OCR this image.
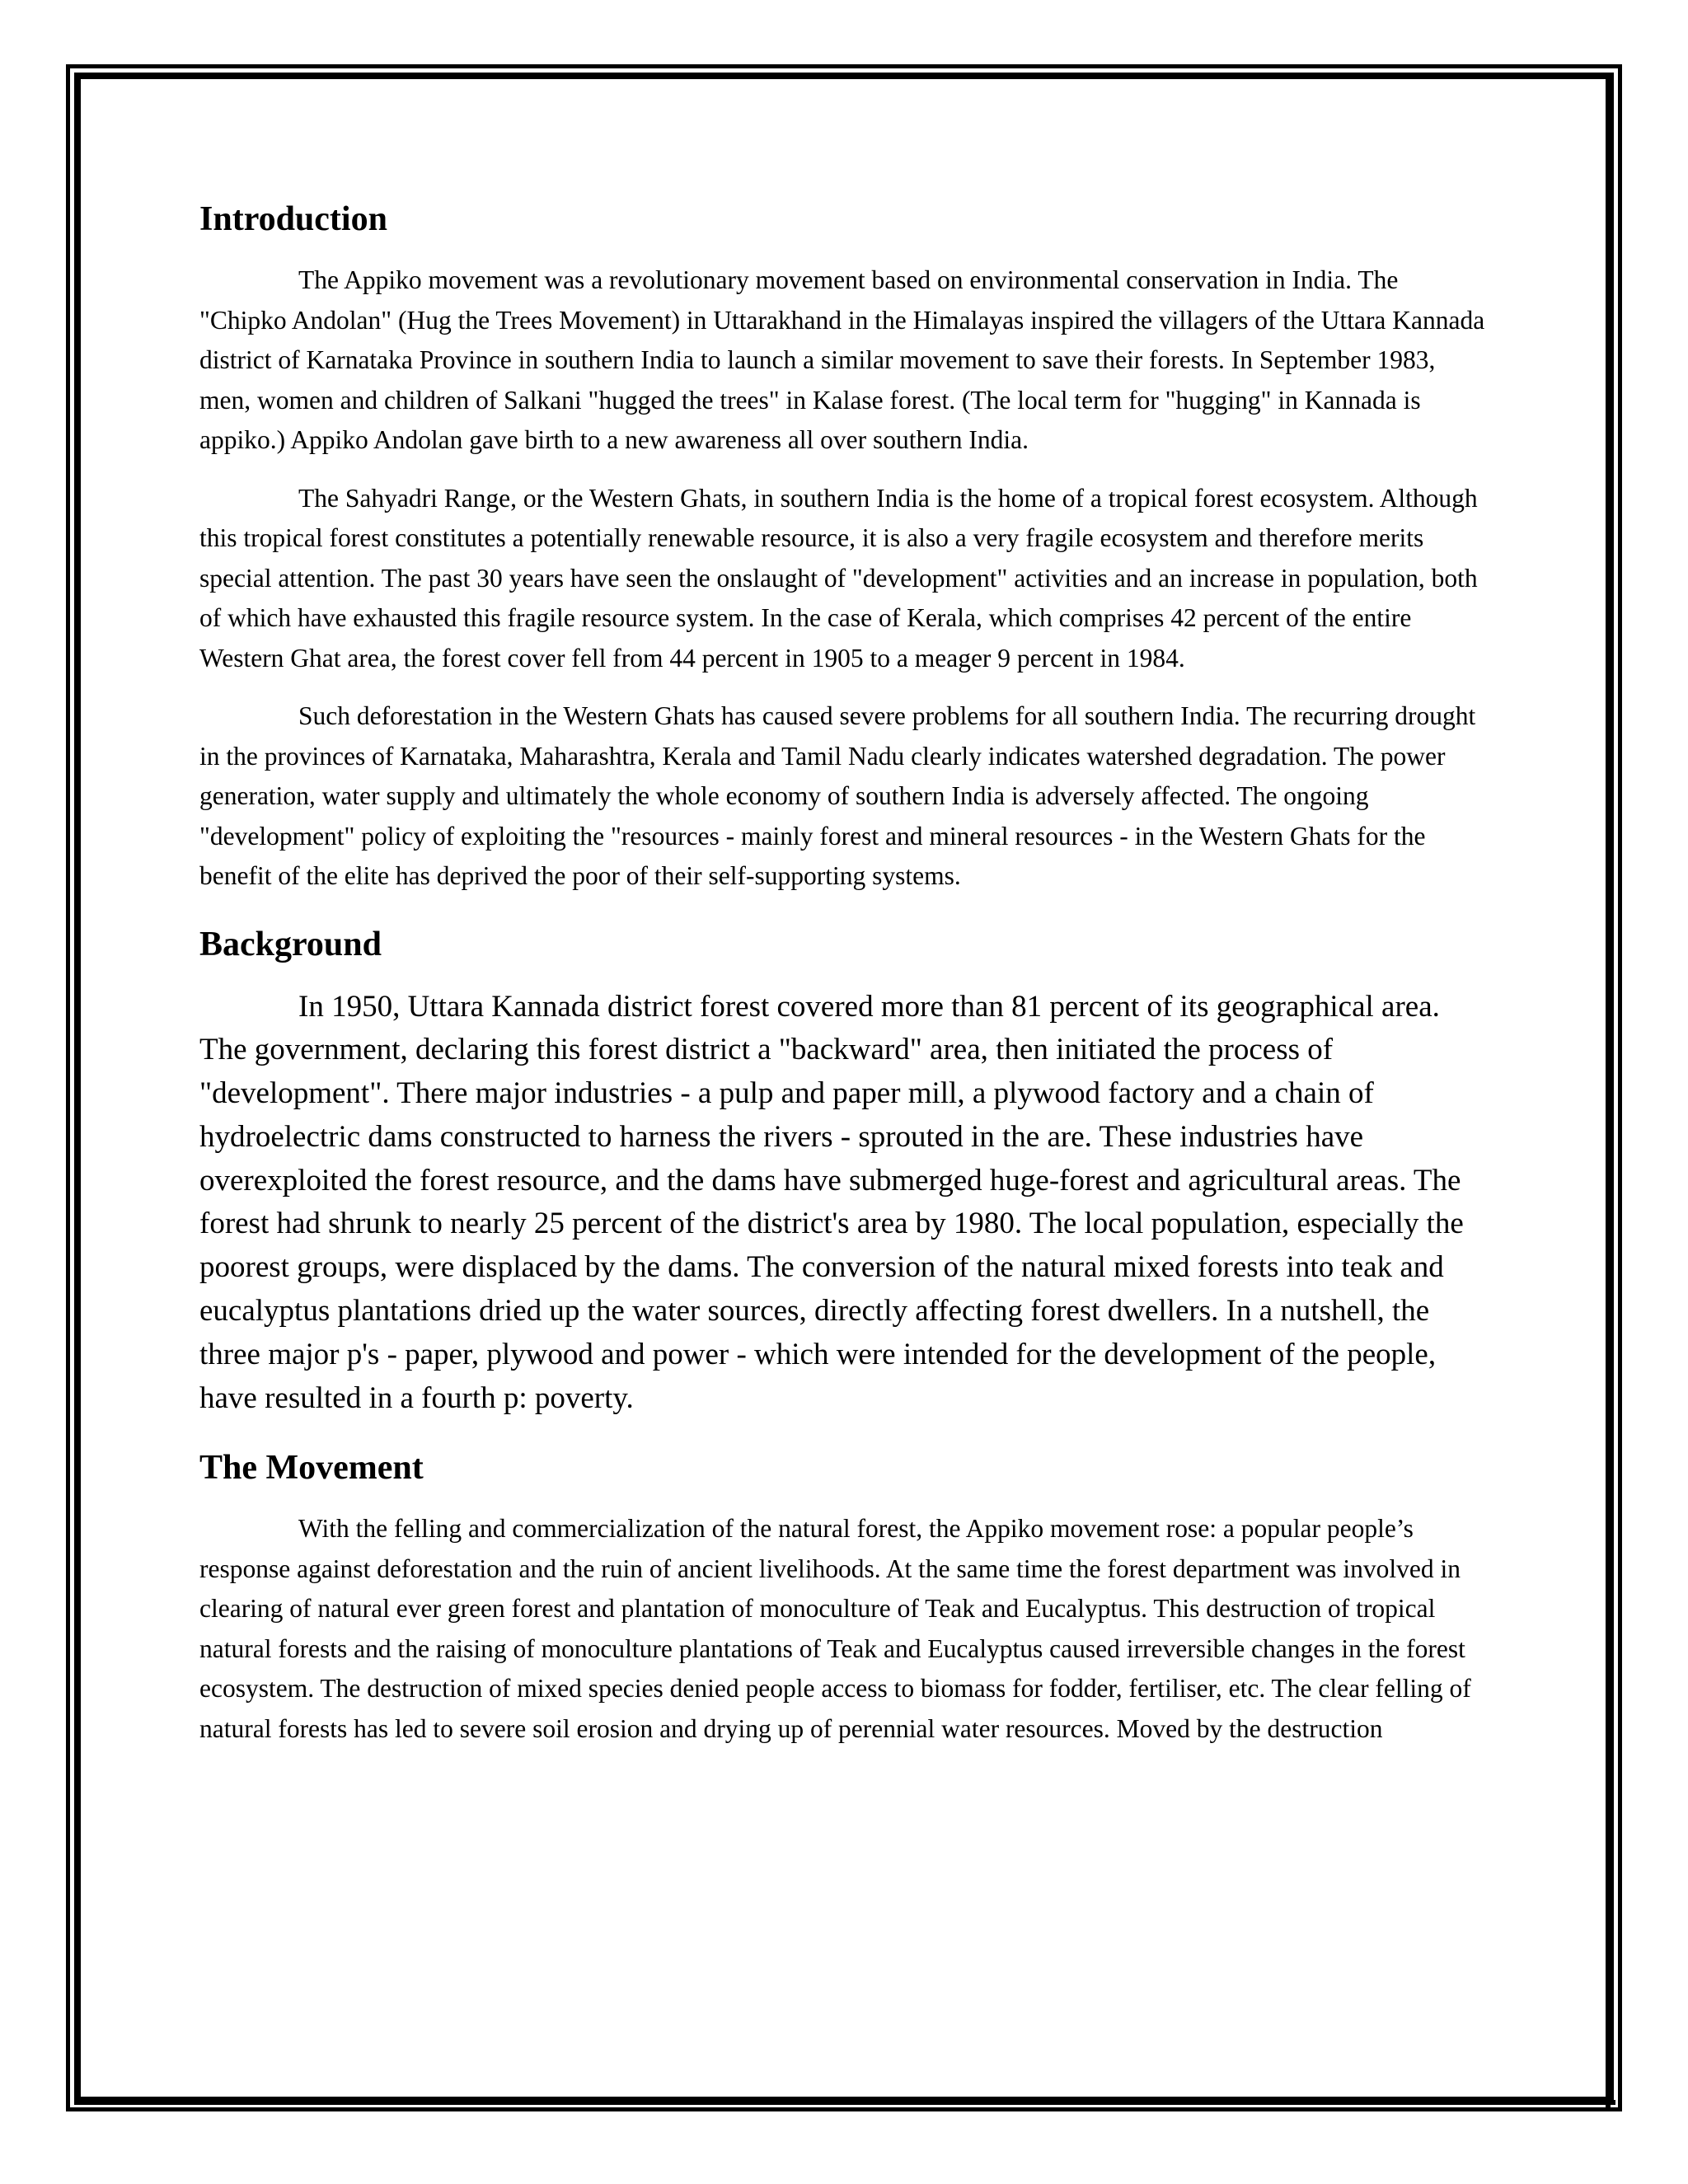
Introduction

The Appiko movement was a revolutionary movement based on environmental conservation in India. The "Chipko Andolan" (Hug the Trees Movement) in Uttarakhand in the Himalayas inspired the villagers of the Uttara Kannada district of Karnataka Province in southern India to launch a similar movement to save their forests. In September 1983, men, women and children of Salkani "hugged the trees" in Kalase forest. (The local term for "hugging" in Kannada is appiko.) Appiko Andolan gave birth to a new awareness all over southern India.

The Sahyadri Range, or the Western Ghats, in southern India is the home of a tropical forest ecosystem. Although this tropical forest constitutes a potentially renewable resource, it is also a very fragile ecosystem and therefore merits special attention. The past 30 years have seen the onslaught of "development" activities and an increase in population, both of which have exhausted this fragile resource system. In the case of Kerala, which comprises 42 percent of the entire Western Ghat area, the forest cover fell from 44 percent in 1905 to a meager 9 percent in 1984.

Such deforestation in the Western Ghats has caused severe problems for all southern India. The recurring drought in the provinces of Karnataka, Maharashtra, Kerala and Tamil Nadu clearly indicates watershed degradation. The power generation, water supply and ultimately the whole economy of southern India is adversely affected. The ongoing "development" policy of exploiting the "resources - mainly forest and mineral resources - in the Western Ghats for the benefit of the elite has deprived the poor of their self-supporting systems.

Background

In 1950, Uttara Kannada district forest covered more than 81 percent of its geographical area. The government, declaring this forest district a "backward" area, then initiated the process of "development". There major industries - a pulp and paper mill, a plywood factory and a chain of hydroelectric dams constructed to harness the rivers - sprouted in the are. These industries have overexploited the forest resource, and the dams have submerged huge-forest and agricultural areas. The forest had shrunk to nearly 25 percent of the district's area by 1980. The local population, especially the poorest groups, were displaced by the dams. The conversion of the natural mixed forests into teak and eucalyptus plantations dried up the water sources, directly affecting forest dwellers. In a nutshell, the three major p's - paper, plywood and power - which were intended for the development of the people, have resulted in a fourth p: poverty.

The Movement

With the felling and commercialization of the natural forest, the Appiko movement rose: a popular people’s response against deforestation and the ruin of ancient livelihoods. At the same time the forest department was involved in clearing of natural ever green forest and plantation of monoculture of Teak and Eucalyptus. This destruction of tropical natural forests and the raising of monoculture plantations of Teak and Eucalyptus caused irreversible changes in the forest ecosystem. The destruction of mixed species denied people access to biomass for fodder, fertiliser, etc. The clear felling of natural forests has led to severe soil erosion and drying up of perennial water resources. Moved by the destruction
